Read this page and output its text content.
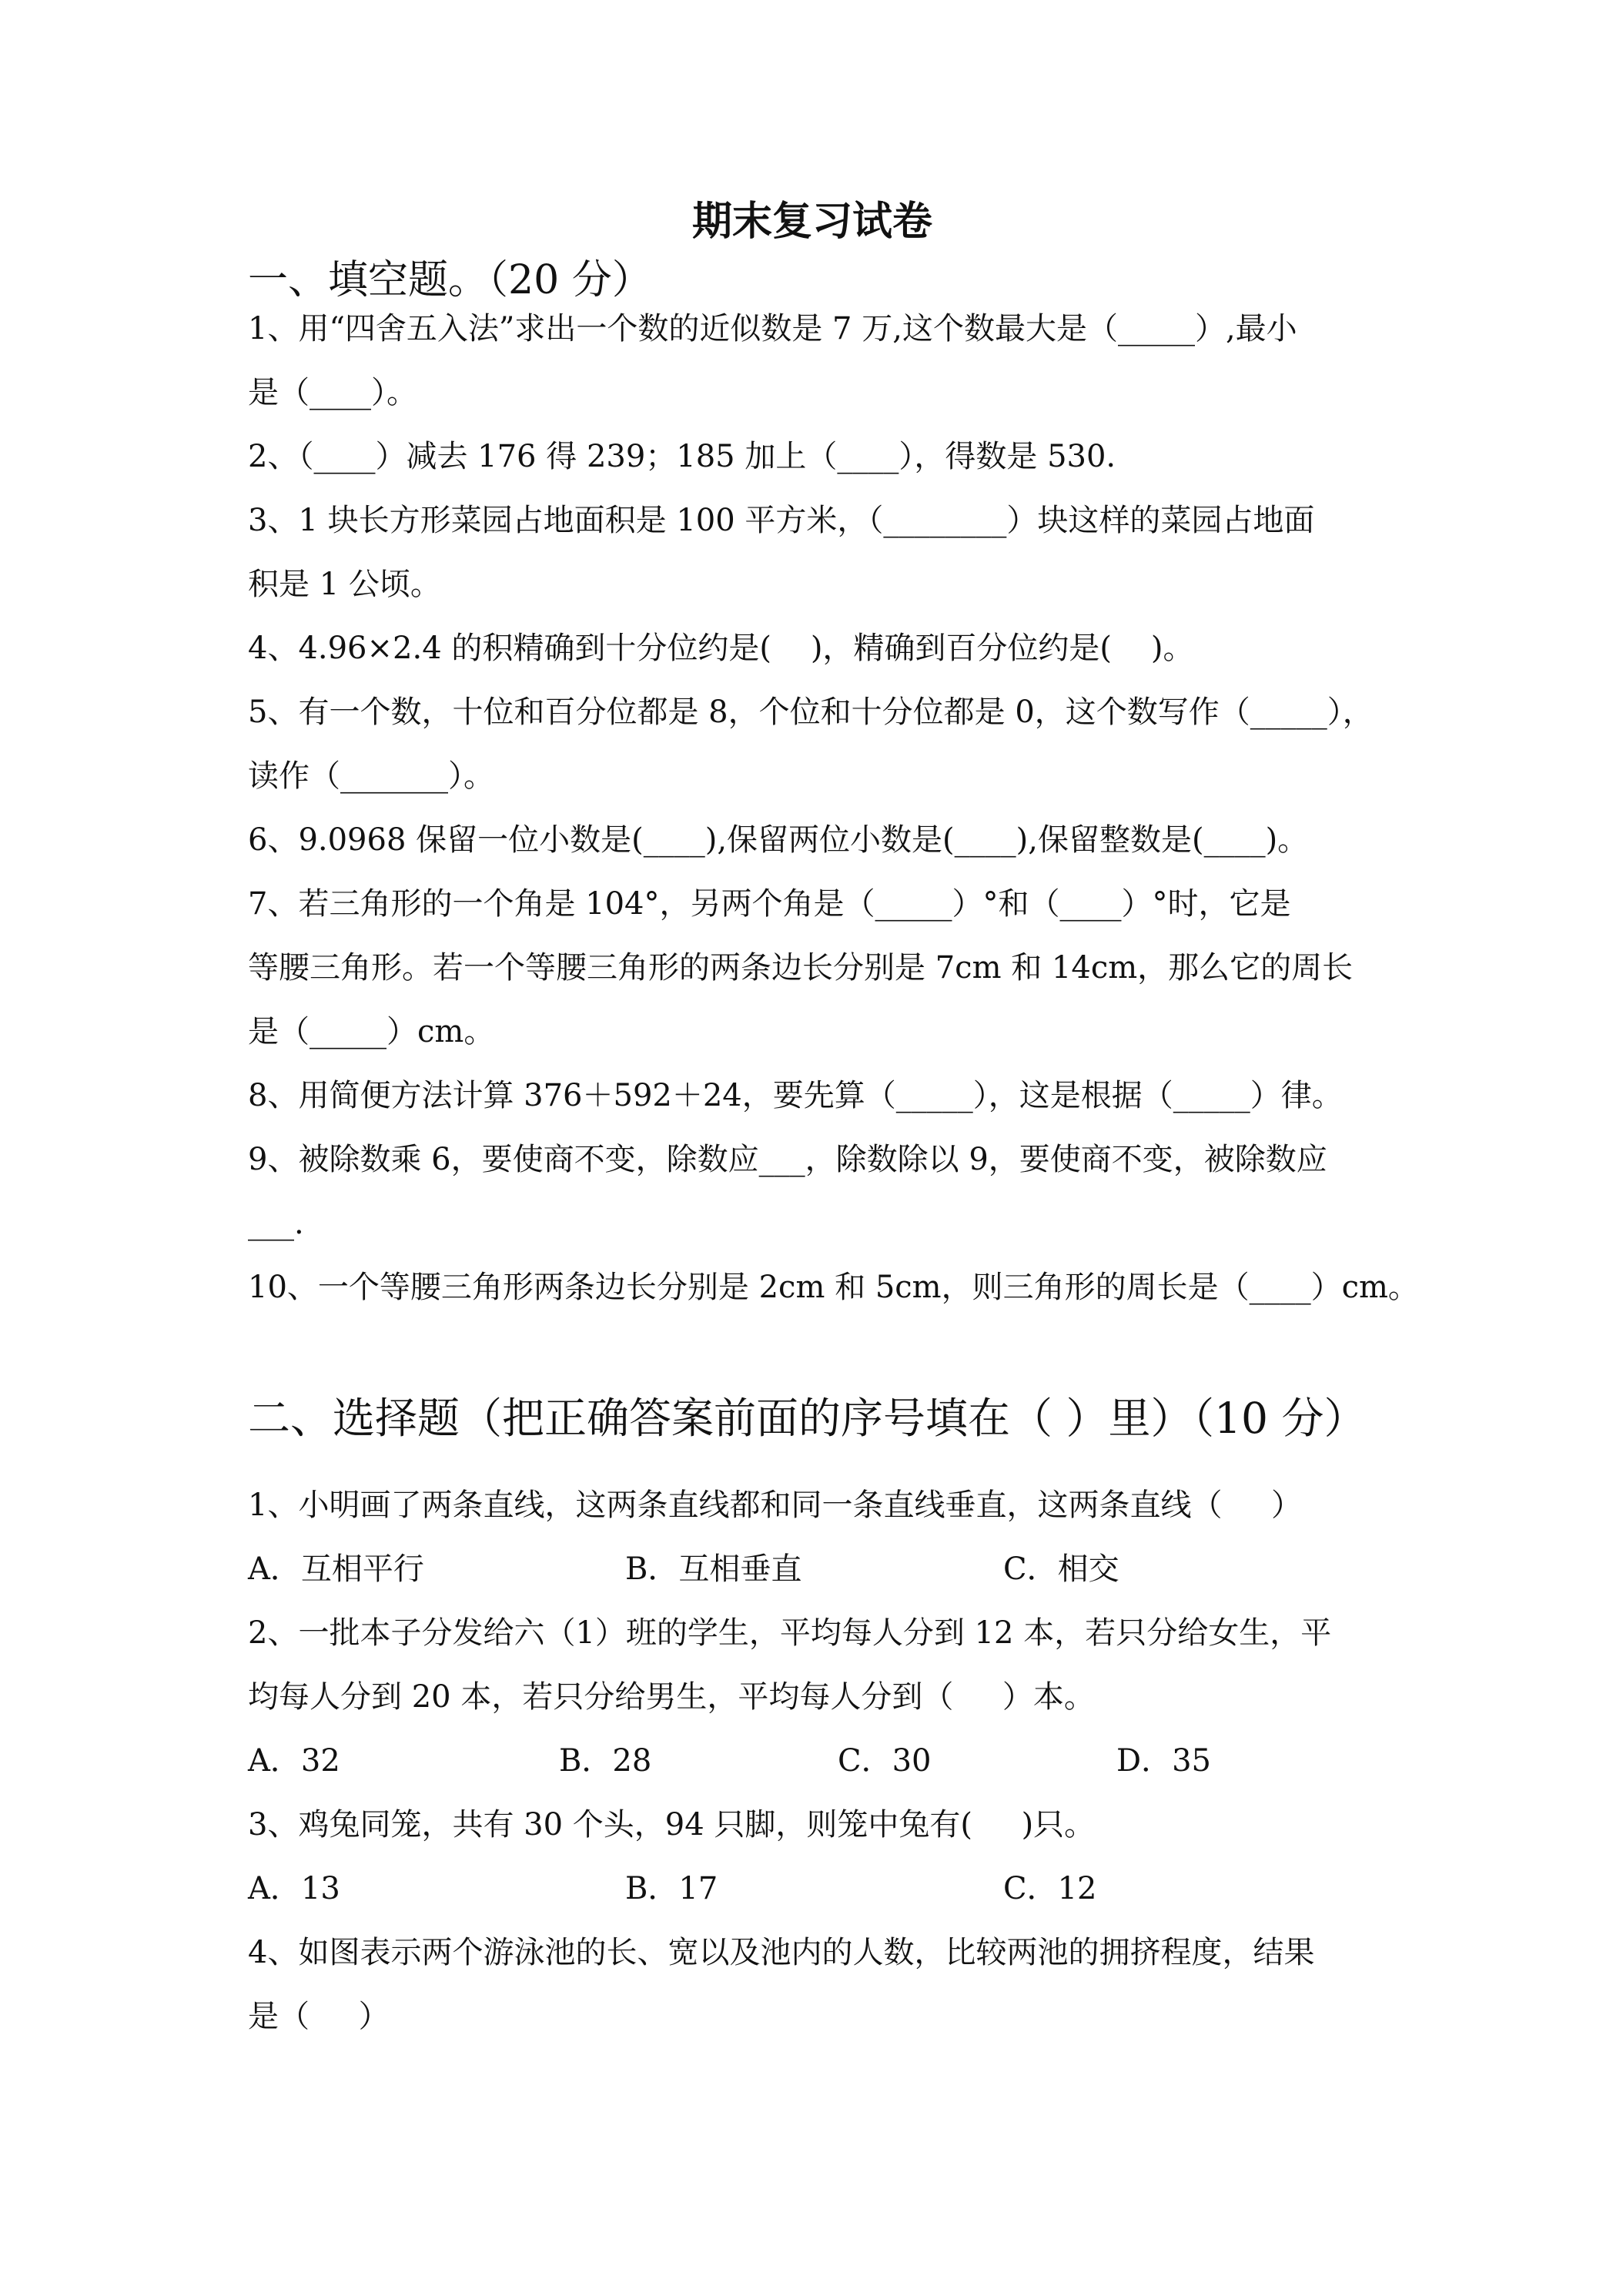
期末复习试卷
一、填空题。（20 分）
1、用“四舍五入法”求出一个数的近似数是 7 万,这个数最大是（_____）,最小
是（____）。
2、（____）减去 176 得 239；185 加上（____），得数是 530.
3、1 块长方形菜园占地面积是 100 平方米，（________）块这样的菜园占地面
积是 1 公顷。
4、4.96×2.4 的积精确到十分位约是(    )，精确到百分位约是(    )。
5、有一个数，十位和百分位都是 8，个位和十分位都是 0，这个数写作（_____），
读作（_______）。
6、9.0968 保留一位小数是(____),保留两位小数是(____),保留整数是(____)。
7、若三角形的一个角是 104°，另两个角是（_____）°和（____）°时，它是
等腰三角形。若一个等腰三角形的两条边长分别是 7cm 和 14cm，那么它的周长
是（_____）cm。
8、用简便方法计算 376＋592＋24，要先算（_____），这是根据（_____）律。
9、被除数乘 6，要使商不变，除数应___，除数除以 9，要使商不变，被除数应
___.
10、一个等腰三角形两条边长分别是 2cm 和 5cm，则三角形的周长是（____）cm。
二、选择题（把正确答案前面的序号填在（ ）里）（10 分）
1、小明画了两条直线，这两条直线都和同一条直线垂直，这两条直线（     ）
A．互相平行	B．互相垂直	C．相交
2、一批本子分发给六（1）班的学生，平均每人分到 12 本，若只分给女生，平
均每人分到 20 本，若只分给男生，平均每人分到（     ）本。
A．32	B．28	C．30	D．35
3、鸡兔同笼，共有 30 个头，94 只脚，则笼中兔有(     )只。
A．13	B．17	C．12
4、如图表示两个游泳池的长、宽以及池内的人数，比较两池的拥挤程度，结果
是（     ）
